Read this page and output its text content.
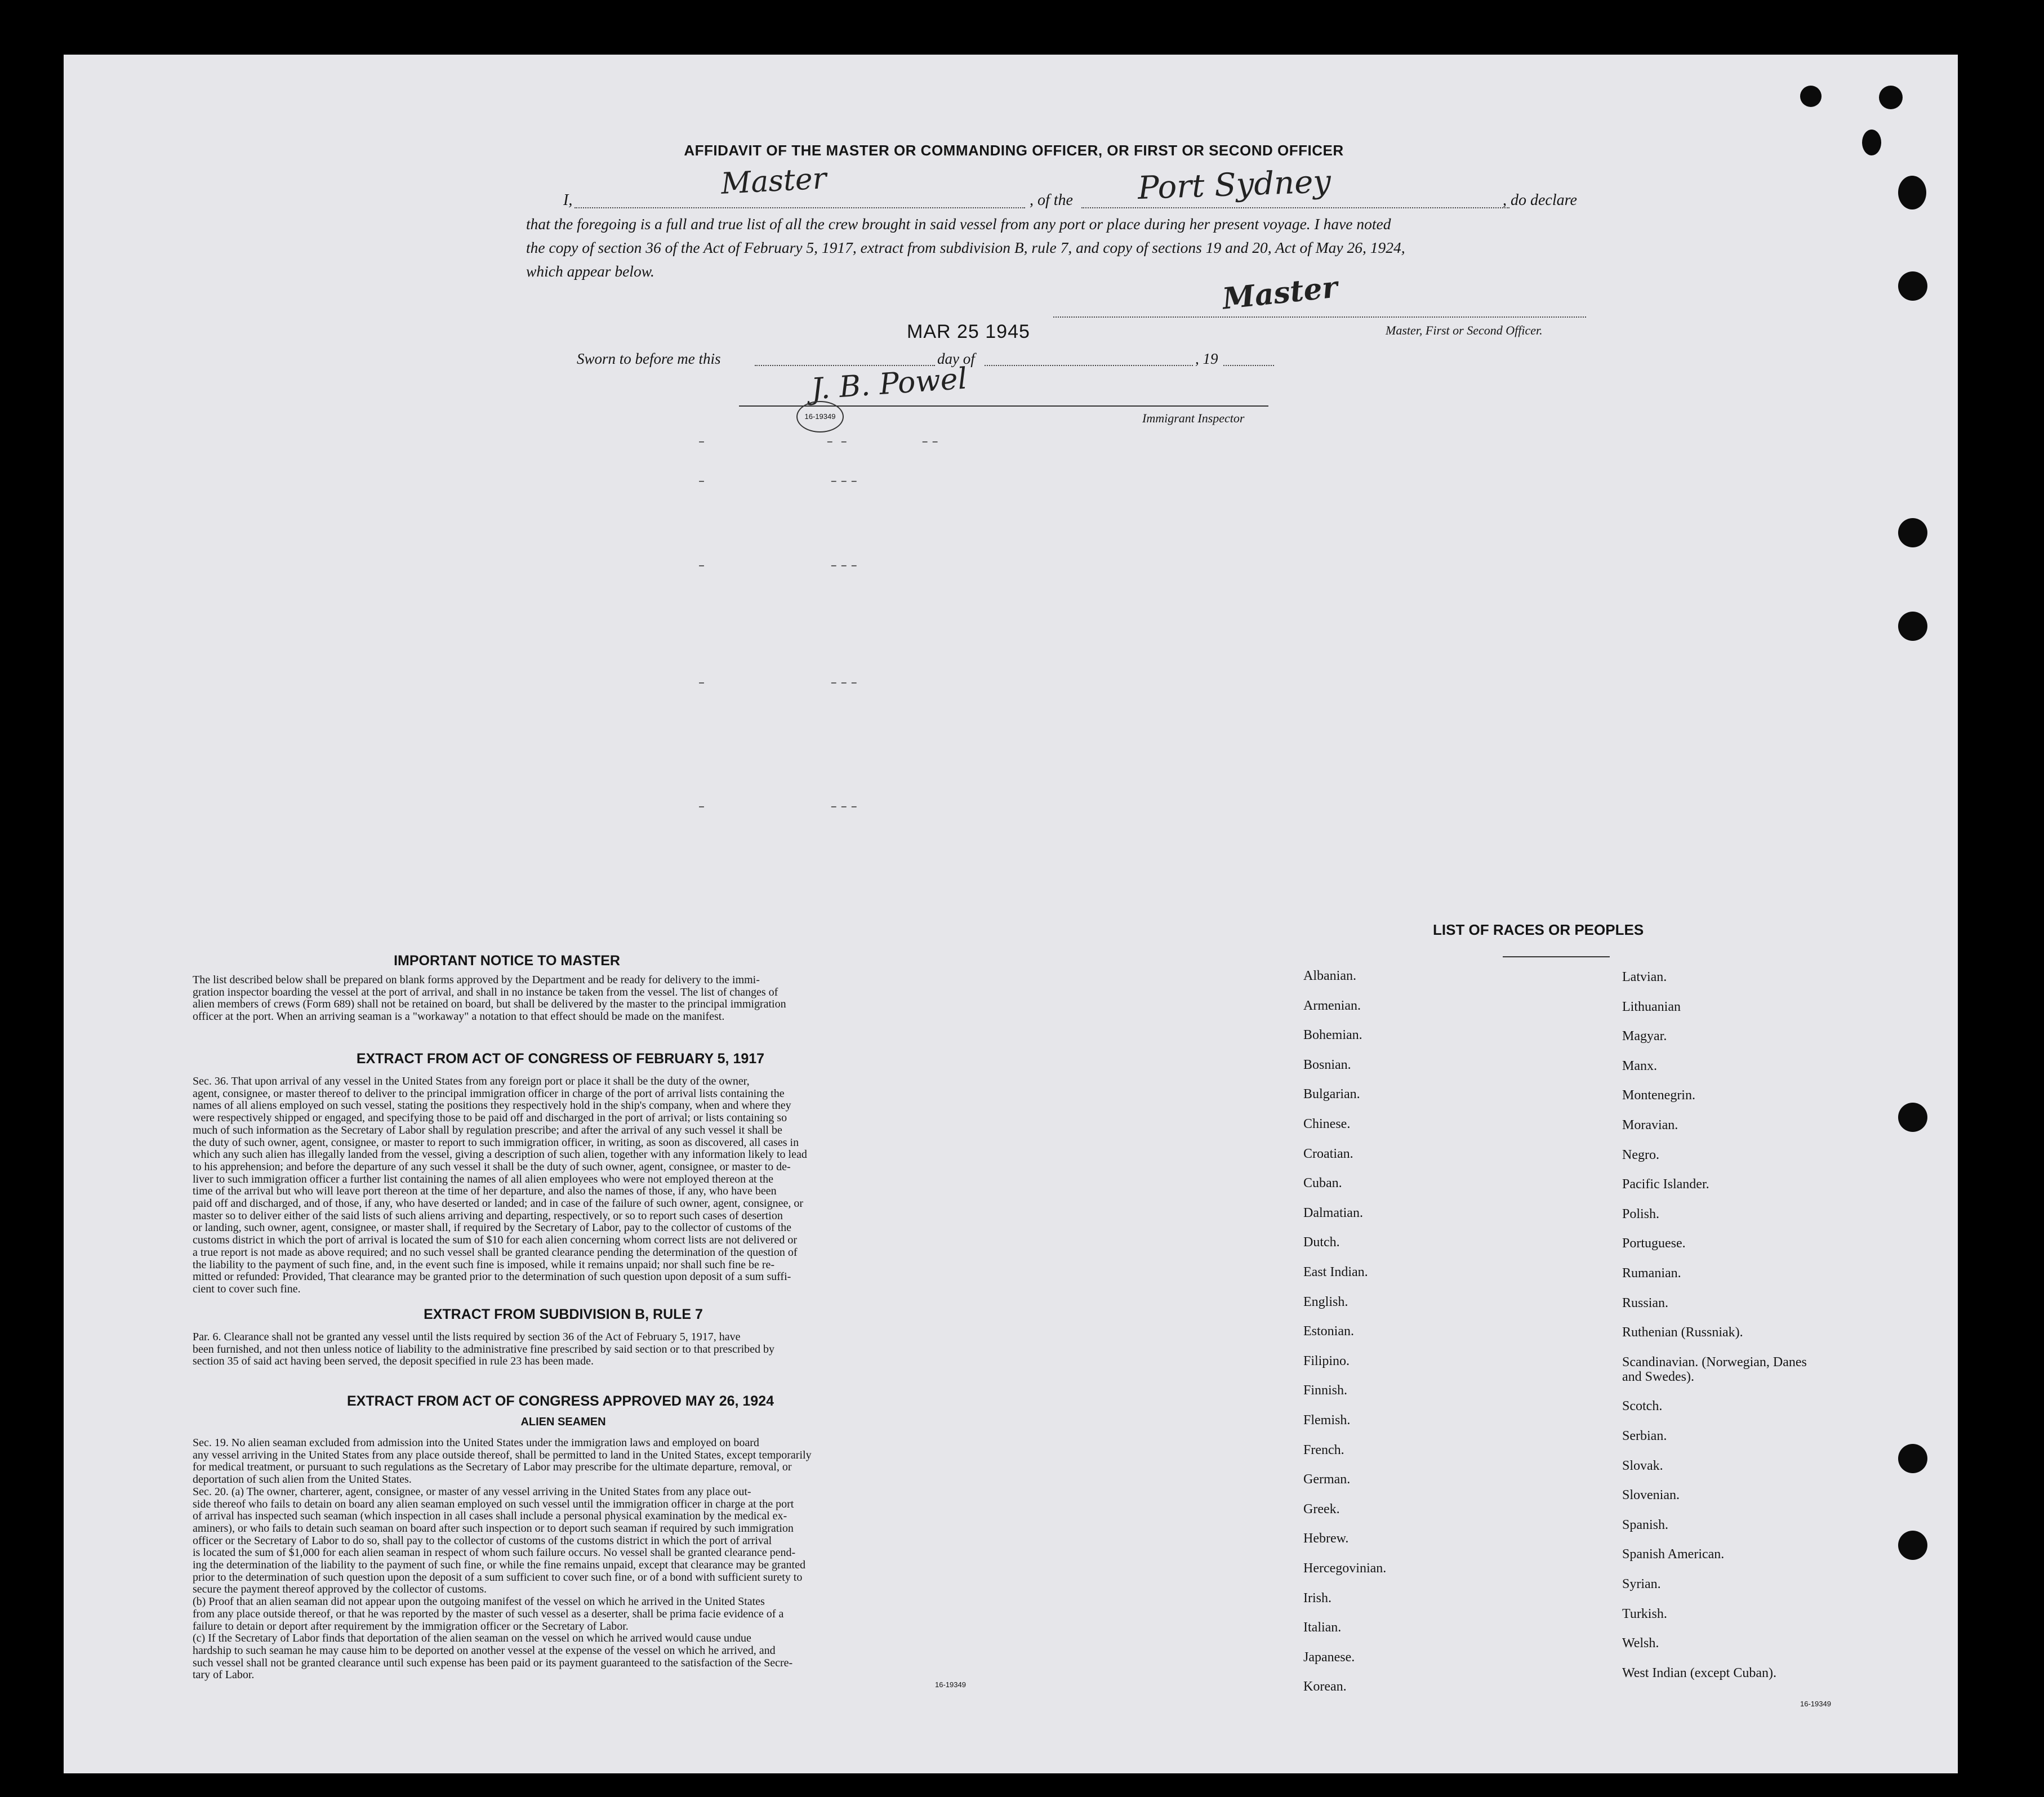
AFFIDAVIT OF THE MASTER OR COMMANDING OFFICER, OR FIRST OR SECOND OFFICER
I,	Master	, of the Port Sydney	, do declare
that the foregoing is a full and true list of all the crew brought in said vessel from any port or place during her present voyage. I have noted
the copy of section 36 of the Act of February 5, 1917, extract from subdivision B, rule 7, and copy of sections 19 and 20, Act of May 26, 1924,
which appear below.	Master
Master, First or Second Officer.
MAR 25 1945
Sworn to before me this	day of	, 19
J. B. Powel
16-19349	Immigrant Inspector
–                               –  –                   – –
–                                – – –
–                                – – –
–                                – – –
–                                – – –
IMPORTANT NOTICE TO MASTER
The list described below shall be prepared on blank forms approved by the Department and be ready for delivery to the immi-
gration inspector boarding the vessel at the port of arrival, and shall in no instance be taken from the vessel. The list of changes of
alien members of crews (Form 689) shall not be retained on board, but shall be delivered by the master to the principal immigration
officer at the port. When an arriving seaman is a "workaway" a notation to that effect should be made on the manifest.
EXTRACT FROM ACT OF CONGRESS OF FEBRUARY 5, 1917
Sec. 36. That upon arrival of any vessel in the United States from any foreign port or place it shall be the duty of the owner,
agent, consignee, or master thereof to deliver to the principal immigration officer in charge of the port of arrival lists containing the
names of all aliens employed on such vessel, stating the positions they respectively hold in the ship's company, when and where they
were respectively shipped or engaged, and specifying those to be paid off and discharged in the port of arrival; or lists containing so
much of such information as the Secretary of Labor shall by regulation prescribe; and after the arrival of any such vessel it shall be
the duty of such owner, agent, consignee, or master to report to such immigration officer, in writing, as soon as discovered, all cases in
which any such alien has illegally landed from the vessel, giving a description of such alien, together with any information likely to lead
to his apprehension; and before the departure of any such vessel it shall be the duty of such owner, agent, consignee, or master to de-
liver to such immigration officer a further list containing the names of all alien employees who were not employed thereon at the
time of the arrival but who will leave port thereon at the time of her departure, and also the names of those, if any, who have been
paid off and discharged, and of those, if any, who have deserted or landed; and in case of the failure of such owner, agent, consignee, or
master so to deliver either of the said lists of such aliens arriving and departing, respectively, or so to report such cases of desertion
or landing, such owner, agent, consignee, or master shall, if required by the Secretary of Labor, pay to the collector of customs of the
customs district in which the port of arrival is located the sum of $10 for each alien concerning whom correct lists are not delivered or
a true report is not made as above required; and no such vessel shall be granted clearance pending the determination of the question of
the liability to the payment of such fine, and, in the event such fine is imposed, while it remains unpaid; nor shall such fine be re-
mitted or refunded: Provided, That clearance may be granted prior to the determination of such question upon deposit of a sum suffi-
cient to cover such fine.
EXTRACT FROM SUBDIVISION B, RULE 7
Par. 6. Clearance shall not be granted any vessel until the lists required by section 36 of the Act of February 5, 1917, have
been furnished, and not then unless notice of liability to the administrative fine prescribed by said section or to that prescribed by
section 35 of said act having been served, the deposit specified in rule 23 has been made.
EXTRACT FROM ACT OF CONGRESS APPROVED MAY 26, 1924
ALIEN SEAMEN
Sec. 19. No alien seaman excluded from admission into the United States under the immigration laws and employed on board
any vessel arriving in the United States from any place outside thereof, shall be permitted to land in the United States, except temporarily
for medical treatment, or pursuant to such regulations as the Secretary of Labor may prescribe for the ultimate departure, removal, or
deportation of such alien from the United States.
Sec. 20. (a) The owner, charterer, agent, consignee, or master of any vessel arriving in the United States from any place out-
side thereof who fails to detain on board any alien seaman employed on such vessel until the immigration officer in charge at the port
of arrival has inspected such seaman (which inspection in all cases shall include a personal physical examination by the medical ex-
aminers), or who fails to detain such seaman on board after such inspection or to deport such seaman if required by such immigration
officer or the Secretary of Labor to do so, shall pay to the collector of customs of the customs district in which the port of arrival
is located the sum of $1,000 for each alien seaman in respect of whom such failure occurs. No vessel shall be granted clearance pend-
ing the determination of the liability to the payment of such fine, or while the fine remains unpaid, except that clearance may be granted
prior to the determination of such question upon the deposit of a sum sufficient to cover such fine, or of a bond with sufficient surety to
secure the payment thereof approved by the collector of customs.
(b) Proof that an alien seaman did not appear upon the outgoing manifest of the vessel on which he arrived in the United States
from any place outside thereof, or that he was reported by the master of such vessel as a deserter, shall be prima facie evidence of a
failure to detain or deport after requirement by the immigration officer or the Secretary of Labor.
(c) If the Secretary of Labor finds that deportation of the alien seaman on the vessel on which he arrived would cause undue
hardship to such seaman he may cause him to be deported on another vessel at the expense of the vessel on which he arrived, and
such vessel shall not be granted clearance until such expense has been paid or its payment guaranteed to the satisfaction of the Secre-
tary of Labor.
16-19349
LIST OF RACES OR PEOPLES
Albanian.
Armenian.
Bohemian.
Bosnian.
Bulgarian.
Chinese.
Croatian.
Cuban.
Dalmatian.
Dutch.
East Indian.
English.
Estonian.
Filipino.
Finnish.
Flemish.
French.
German.
Greek.
Hebrew.
Hercegovinian.
Irish.
Italian.
Japanese.
Korean.
Latvian.
Lithuanian
Magyar.
Manx.
Montenegrin.
Moravian.
Negro.
Pacific Islander.
Polish.
Portuguese.
Rumanian.
Russian.
Ruthenian (Russniak).
Scandinavian. (Norwegian, Danes and Swedes).
Scotch.
Serbian.
Slovak.
Slovenian.
Spanish.
Spanish American.
Syrian.
Turkish.
Welsh.
West Indian (except Cuban).
16-19349
